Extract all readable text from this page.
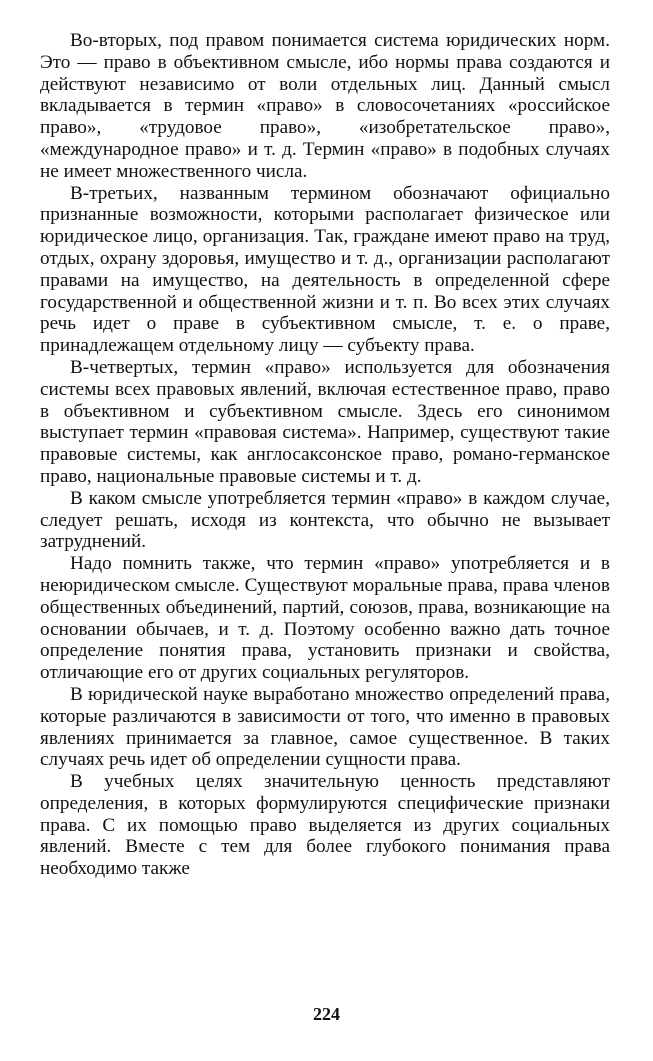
Во-вторых, под правом понимается система юридических норм. Это — право в объективном смысле, ибо нормы права создаются и действуют независимо от воли отдельных лиц. Данный смысл вкладывается в термин «право» в словосочетаниях «российское право», «трудовое право», «изобретательское право», «международное право» и т. д. Термин «право» в подобных случаях не имеет множественного числа.

В-третьих, названным термином обозначают официально признанные возможности, которыми располагает физическое или юридическое лицо, организация. Так, граждане имеют право на труд, отдых, охрану здоровья, имущество и т. д., организации располагают правами на имущество, на деятельность в определенной сфере государственной и общественной жизни и т. п. Во всех этих случаях речь идет о праве в субъективном смысле, т. е. о праве, принадлежащем отдельному лицу — субъекту права.

В-четвертых, термин «право» используется для обозначения системы всех правовых явлений, включая естественное право, право в объективном и субъективном смысле. Здесь его синонимом выступает термин «правовая система». Например, существуют такие правовые системы, как англосаксонское право, романо-германское право, национальные правовые системы и т. д.

В каком смысле употребляется термин «право» в каждом случае, следует решать, исходя из контекста, что обычно не вызывает затруднений.

Надо помнить также, что термин «право» употребляется и в неюридическом смысле. Существуют моральные права, права членов общественных объединений, партий, союзов, права, возникающие на основании обычаев, и т. д. Поэтому особенно важно дать точное определение понятия права, установить признаки и свойства, отличающие его от других социальных регуляторов.

В юридической науке выработано множество определений права, которые различаются в зависимости от того, что именно в правовых явлениях принимается за главное, самое существенное. В таких случаях речь идет об определении сущности права.

В учебных целях значительную ценность представляют определения, в которых формулируются специфические признаки права. С их помощью право выделяется из других социальных явлений. Вместе с тем для более глубокого понимания права необходимо также

224
